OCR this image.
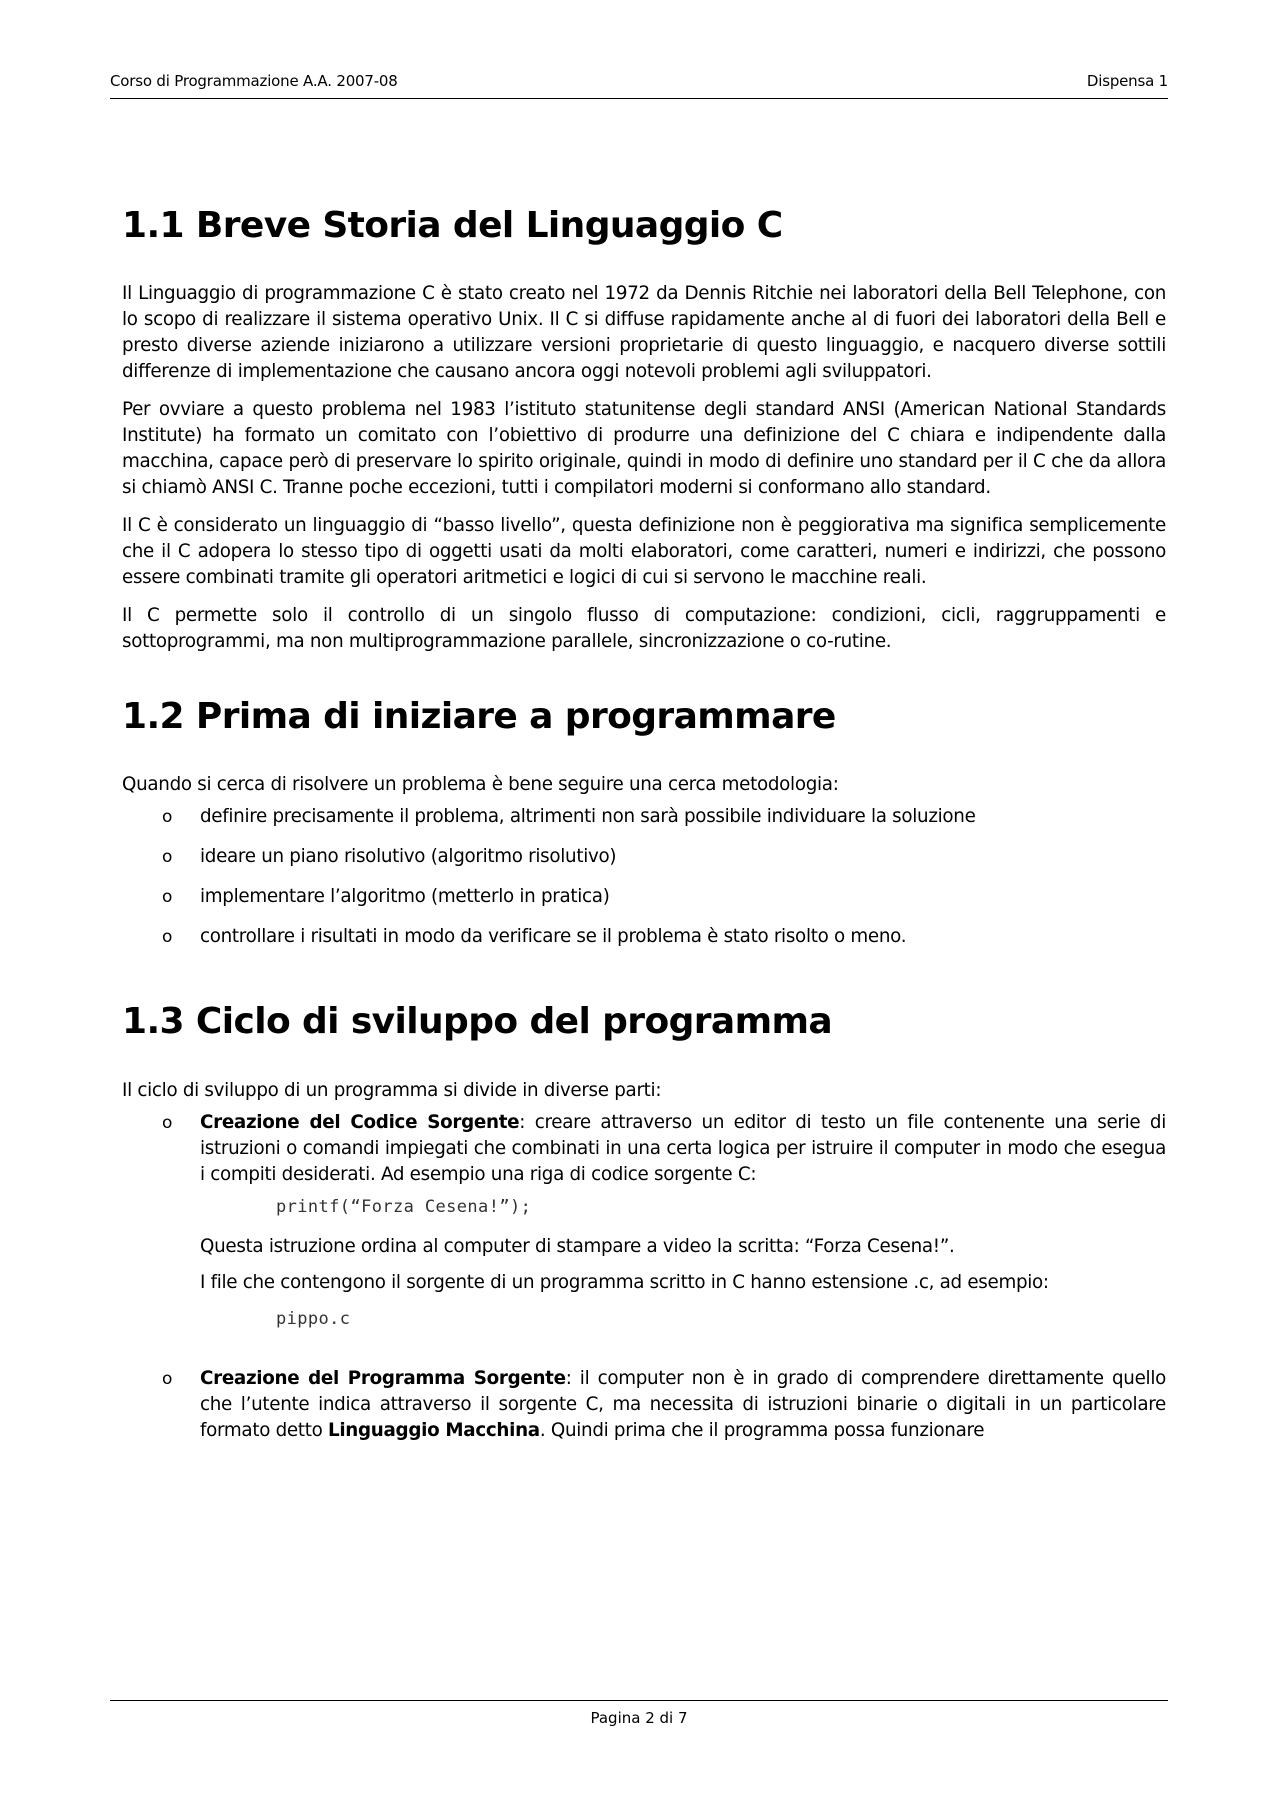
Corso di Programmazione A.A. 2007-08	Dispensa 1
1.1 Breve Storia del Linguaggio C

Il Linguaggio di programmazione C è stato creato nel 1972 da Dennis Ritchie nei laboratori della Bell Telephone, con lo scopo di realizzare il sistema operativo Unix. Il C si diffuse rapidamente anche al di fuori dei laboratori della Bell e presto diverse aziende iniziarono a utilizzare versioni proprietarie di questo linguaggio, e nacquero diverse sottili differenze di implementazione che causano ancora oggi notevoli problemi agli sviluppatori.

Per ovviare a questo problema nel 1983 l’istituto statunitense degli standard ANSI (American National Standards Institute) ha formato un comitato con l’obiettivo di produrre una definizione del C chiara e indipendente dalla macchina, capace però di preservare lo spirito originale, quindi in modo di definire uno standard per il C che da allora si chiamò ANSI C. Tranne poche eccezioni, tutti i compilatori moderni si conformano allo standard.

Il C è considerato un linguaggio di “basso livello”, questa definizione non è peggiorativa ma significa semplicemente che il C adopera lo stesso tipo di oggetti usati da molti elaboratori, come caratteri, numeri e indirizzi, che possono essere combinati tramite gli operatori aritmetici e logici di cui si servono le macchine reali.

Il C permette solo il controllo di un singolo flusso di computazione: condizioni, cicli, raggruppamenti e sottoprogrammi, ma non multiprogrammazione parallele, sincronizzazione o co-rutine.

1.2 Prima di iniziare a programmare

Quando si cerca di risolvere un problema è bene seguire una cerca metodologia:

o definire precisamente il problema, altrimenti non sarà possibile individuare la soluzione
o ideare un piano risolutivo (algoritmo risolutivo)
o implementare l’algoritmo (metterlo in pratica)
o controllare i risultati in modo da verificare se il problema è stato risolto o meno.
1.3 Ciclo di sviluppo del programma

Il ciclo di sviluppo di un programma si divide in diverse parti:

o Creazione del Codice Sorgente: creare attraverso un editor di testo un file contenente una serie di istruzioni o comandi impiegati che combinati in una certa logica per istruire il computer in modo che esegua i compiti desiderati. Ad esempio una riga di codice sorgente C:

printf(“Forza Cesena!”);

Questa istruzione ordina al computer di stampare a video la scritta: “Forza Cesena!”.

I file che contengono il sorgente di un programma scritto in C hanno estensione .c, ad esempio:

pippo.c
o Creazione del Programma Sorgente: il computer non è in grado di comprendere direttamente quello che l’utente indica attraverso il sorgente C, ma necessita di istruzioni binarie o digitali in un particolare formato detto Linguaggio Macchina. Quindi prima che il programma possa funzionare

Pagina 2 di 7
